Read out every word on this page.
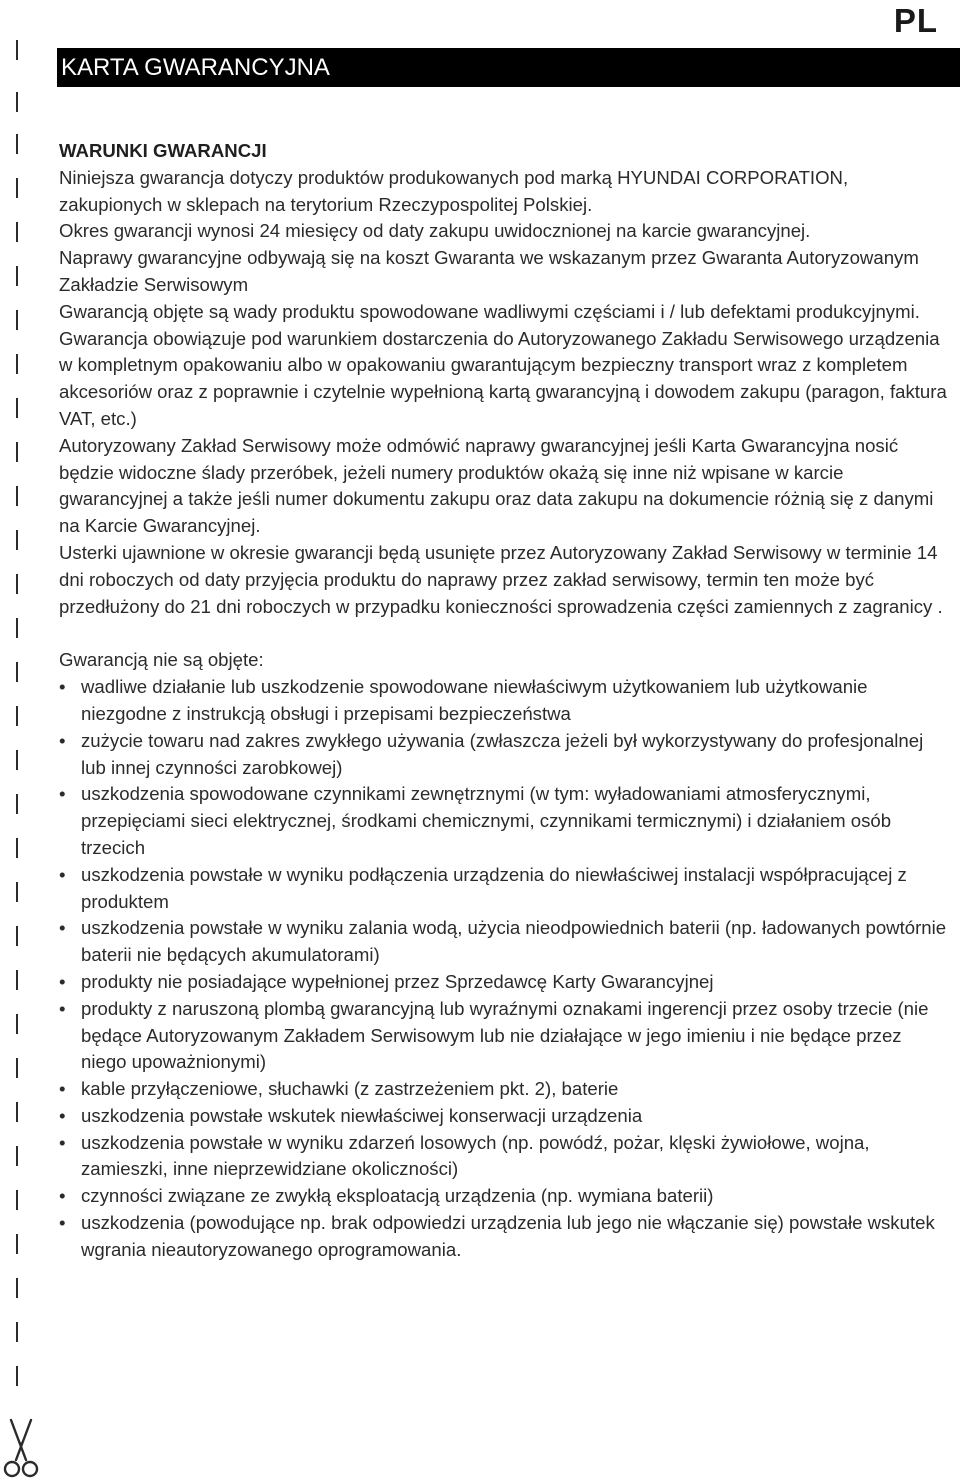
PL
KARTA GWARANCYJNA

WARUNKI GWARANCJI

Niniejsza gwarancja dotyczy produktów produkowanych pod marką HYUNDAI CORPORATION, zakupionych w sklepach na terytorium Rzeczypospolitej Polskiej.

Okres gwarancji wynosi 24 miesięcy od daty zakupu uwidocznionej na karcie gwarancyjnej.

Naprawy gwarancyjne odbywają się na koszt Gwaranta we wskazanym przez Gwaranta Autoryzowanym Zakładzie Serwisowym

Gwarancją objęte są wady produktu spowodowane wadliwymi częściami i / lub defektami produkcyjnymi.

Gwarancja obowiązuje pod warunkiem dostarczenia do Autoryzowanego Zakładu Serwisowego urządzenia w kompletnym opakowaniu albo w opakowaniu gwarantującym bezpieczny transport wraz z kompletem akcesoriów oraz z poprawnie i czytelnie wypełnioną kartą gwarancyjną i dowodem zakupu (paragon, faktura VAT, etc.)

Autoryzowany Zakład Serwisowy może odmówić naprawy gwarancyjnej jeśli Karta Gwarancyjna nosić będzie widoczne ślady przeróbek, jeżeli numery produktów okażą się inne niż wpisane w karcie gwarancyjnej a także jeśli numer dokumentu zakupu oraz data zakupu na dokumencie różnią się z danymi na Karcie Gwarancyjnej.

Usterki ujawnione w okresie gwarancji będą usunięte przez Autoryzowany Zakład Serwisowy w terminie 14 dni roboczych od daty przyjęcia produktu do naprawy przez zakład serwisowy, termin ten może być przedłużony do 21 dni roboczych w przypadku konieczności sprowadzenia części zamiennych z zagranicy .

Gwarancją nie są objęte:

• wadliwe działanie lub uszkodzenie spowodowane niewłaściwym użytkowaniem lub użytkowanie niezgodne z instrukcją obsługi i przepisami bezpieczeństwa
• zużycie towaru nad zakres zwykłego używania (zwłaszcza jeżeli był wykorzystywany do profesjonalnej lub innej czynności zarobkowej)
• uszkodzenia spowodowane czynnikami zewnętrznymi (w tym: wyładowaniami atmosferycznymi, przepięciami sieci elektrycznej, środkami chemicznymi, czynnikami termicznymi) i działaniem osób trzecich
• uszkodzenia powstałe w wyniku podłączenia urządzenia do niewłaściwej instalacji współpracującej z produktem
• uszkodzenia powstałe w wyniku zalania wodą, użycia nieodpowiednich baterii (np. ładowanych powtórnie baterii nie będących akumulatorami)
• produkty nie posiadające wypełnionej przez Sprzedawcę Karty Gwarancyjnej
• produkty z naruszoną plombą gwarancyjną lub wyraźnymi oznakami ingerencji przez osoby trzecie (nie będące Autoryzowanym Zakładem Serwisowym lub nie działające w jego imieniu i nie będące przez niego upoważnionymi)
• kable przyłączeniowe, słuchawki (z zastrzeżeniem pkt. 2), baterie
• uszkodzenia powstałe wskutek niewłaściwej konserwacji urządzenia
• uszkodzenia powstałe w wyniku zdarzeń losowych (np. powódź, pożar, klęski żywiołowe, wojna, zamieszki, inne nieprzewidziane okoliczności)
• czynności związane ze zwykłą eksploatacją urządzenia (np. wymiana baterii)
• uszkodzenia (powodujące np. brak odpowiedzi urządzenia lub jego nie włączanie się) powstałe wskutek wgrania nieautoryzowanego oprogramowania.
